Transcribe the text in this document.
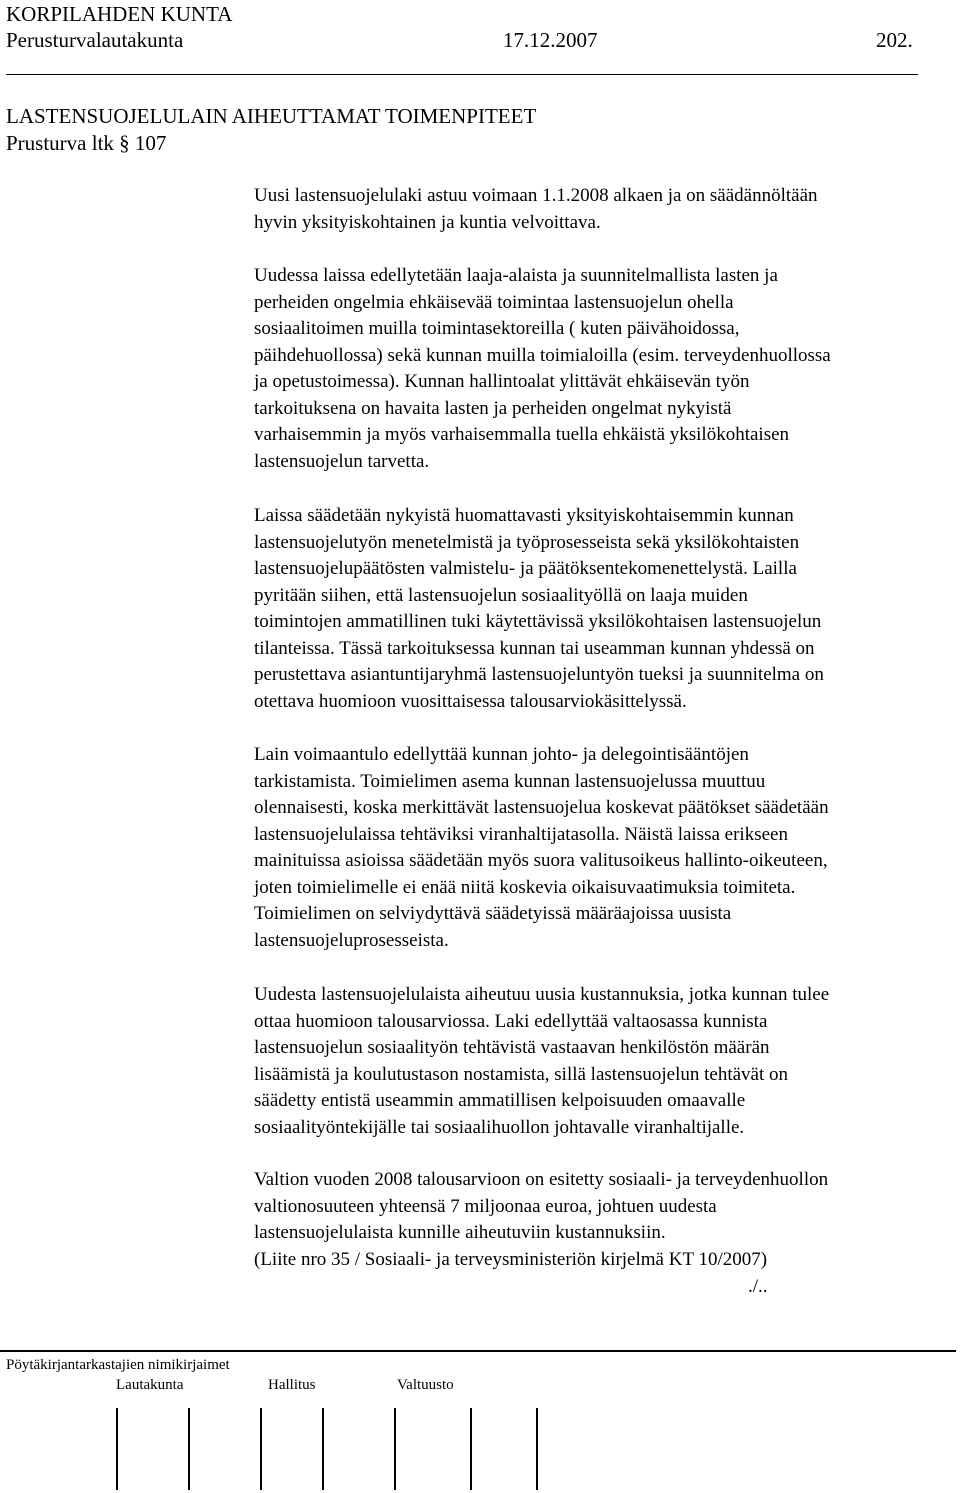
KORPILAHDEN KUNTA
Perusturvalautakunta	17.12.2007	202.
LASTENSUOJELULAIN AIHEUTTAMAT TOIMENPITEET
Prusturva ltk § 107
Uusi lastensuojelulaki astuu voimaan 1.1.2008 alkaen ja on säädännöltään
hyvin yksityiskohtainen ja kuntia velvoittava.
Uudessa laissa edellytetään laaja-alaista ja suunnitelmallista lasten ja
perheiden ongelmia ehkäisevää toimintaa lastensuojelun ohella
sosiaalitoimen muilla toimintasektoreilla ( kuten päivähoidossa,
päihdehuollossa) sekä kunnan muilla toimialoilla (esim. terveydenhuollossa
ja opetustoimessa). Kunnan hallintoalat ylittävät ehkäisevän työn
tarkoituksena on havaita lasten ja perheiden ongelmat nykyistä
varhaisemmin ja myös varhaisemmalla tuella ehkäistä yksilökohtaisen
lastensuojelun tarvetta.
Laissa säädetään nykyistä huomattavasti yksityiskohtaisemmin kunnan
lastensuojelutyön menetelmistä ja työprosesseista sekä yksilökohtaisten
lastensuojelupäätösten valmistelu- ja päätöksentekomenettelystä. Lailla
pyritään siihen, että lastensuojelun sosiaalityöllä on laaja muiden
toimintojen ammatillinen tuki käytettävissä yksilökohtaisen lastensuojelun
tilanteissa. Tässä tarkoituksessa kunnan tai useamman kunnan yhdessä on
perustettava asiantuntijaryhmä lastensuojeluntyön tueksi ja suunnitelma on
otettava huomioon vuosittaisessa talousarviokäsittelyssä.
Lain voimaantulo edellyttää kunnan johto- ja delegointisääntöjen
tarkistamista. Toimielimen asema kunnan lastensuojelussa muuttuu
olennaisesti, koska merkittävät lastensuojelua koskevat päätökset säädetään
lastensuojelulaissa tehtäviksi viranhaltijatasolla. Näistä laissa erikseen
mainituissa asioissa säädetään myös suora valitusoikeus hallinto-oikeuteen,
joten toimielimelle ei enää niitä koskevia oikaisuvaatimuksia toimiteta.
Toimielimen on selviydyttävä säädetyissä määräajoissa uusista
lastensuojeluprosesseista.
Uudesta lastensuojelulaista aiheutuu uusia kustannuksia, jotka kunnan tulee
ottaa huomioon talousarviossa. Laki edellyttää valtaosassa kunnista
lastensuojelun sosiaalityön tehtävistä vastaavan henkilöstön määrän
lisäämistä ja koulutustason nostamista, sillä lastensuojelun tehtävät on
säädetty entistä useammin ammatillisen kelpoisuuden omaavalle
sosiaalityöntekijälle tai sosiaalihuollon johtavalle viranhaltijalle.
Valtion vuoden 2008 talousarvioon on esitetty sosiaali- ja terveydenhuollon
valtionosuuteen yhteensä 7 miljoonaa euroa, johtuen uudesta
lastensuojelulaista kunnille aiheutuviin kustannuksiin.
(Liite nro 35 / Sosiaali- ja terveysministeriön kirjelmä KT 10/2007)
./..
Pöytäkirjantarkastajien nimikirjaimet
Lautakunta	Hallitus	Valtuusto
